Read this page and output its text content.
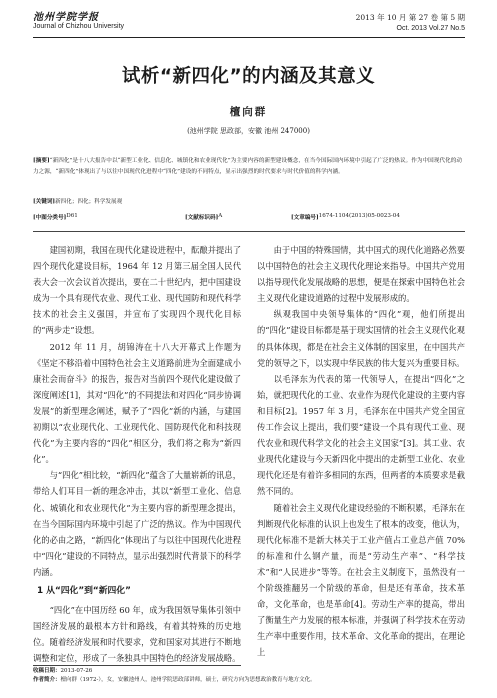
池州学院学报
Journal of Chizhou University
2013 年 10 月 第 27 卷 第 5 期
Oct. 2013 Vol.27 No.5
试析“新四化”的内涵及其意义
檀向群
(池州学院 思政部，安徽 池州 247000)
[摘要]“新四化”是十八大报告中以“新型工业化、信息化、城镇化和农业现代化”为主要内容的新型建设概念，在当今国际国内环境中引起了广泛的热议。作为中国现代化的动力之源，“新四化”体现出了与以往中国现代化进程中“四化”建设的不同特点，显示出强烈的时代要求与时代价值的科学内涵。
[关键词]新四化；四化；科学发展观
[中图分类号] D61	[文献标识码] A	[文章编号] 1674-1104(2013)05-0023-04

建国初期，我国在现代化建设进程中，酝酿并提出了四个现代化建设目标，1964 年 12 月第三届全国人民代表大会一次会议首次提出，要在二十世纪内，把中国建设成为一个具有现代农业、现代工业、现代国防和现代科学技术的社会主义强国，并宣布了实现四个现代化目标的“两步走”设想。

2012 年 11 月，胡锦涛在十八大开幕式上作题为《坚定不移沿着中国特色社会主义道路前进为全面建成小康社会而奋斗》的报告，报告对当前四个现代化建设做了深度阐述[1]，其对“四化”的不同提法和对四化“同步协调发展”的新型理念阐述，赋予了“四化”新的内涵，与建国初期以“农业现代化、工业现代化、国防现代化和科技现代化”为主要内容的“四化”相区分，我们将之称为“新四化”。

与“四化”相比较，“新四化”蕴含了大量崭新的讯息，带给人们耳目一新的理念冲击，其以“新型工业化、信息化、城镇化和农业现代化”为主要内容的新型理念提出，在当今国际国内环境中引起了广泛的热议。作为中国现代化的必由之路，“新四化”体现出了与以往中国现代化进程中“四化”建设的不同特点，显示出强烈时代背景下的科学内涵。

1 从“四化”到“新四化”

“四化”在中国历经 60 年，成为我国领导集体引领中国经济发展的最根本方针和路线，有着其特殊的历史地位。随着经济发展和时代要求，党和国家对其进行不断地调整和定位，形成了一条独具中国特色的经济发展战略。

由于中国的特殊国情，其中国式的现代化道路必然要以中国特色的社会主义现代化理论来指导。中国共产党用以指导现代化发展战略的思想，便是在探索中国特色社会主义现代化建设道路的过程中发展形成的。

纵观我国中央领导集体的“四化”观，他们所提出的“四化”建设目标都是基于现实国情的社会主义现代化观的具体体现，都是在社会主义体制的国家里，在中国共产党的领导之下，以实现中华民族的伟大复兴为重要目标。

以毛泽东为代表的第一代领导人，在提出“四化”之始，就把现代化的工业、农业作为现代化建设的主要内容和目标[2]。1957 年 3 月，毛泽东在中国共产党全国宣传工作会议上提出，我们要“建设一个具有现代工业、现代农业和现代科学文化的社会主义国家”[3]。其工业、农业现代化建设与今天新四化中提出的走新型工业化、农业现代化还是有着许多相同的东西，但两者的本质要求是截然不同的。

随着社会主义现代化建设经验的不断积累，毛泽东在判断现代化标准的认识上也发生了根本的改变，他认为，现代化标准不是新大林关于工业产值占工业总产值 70%的标准和什么钢产量，而是“劳动生产率”、“科学技术”和“人民进步”等等。在社会主义制度下，虽然没有一个阶级推翻另一个阶级的革命，但是还有革命，技术革命，文化革命，也是革命[4]。劳动生产率的提高，带出了衡量生产力发展的根本标准，并强调了科学技术在劳动生产率中重要作用，技术革命、文化革命的提出，在理论上

收稿日期：2013-07-26
作者简介：檀向群（1972-），女，安徽池州人，池州学院思政部讲师，硕士，研究方向为思想政治教育与地方文化。
